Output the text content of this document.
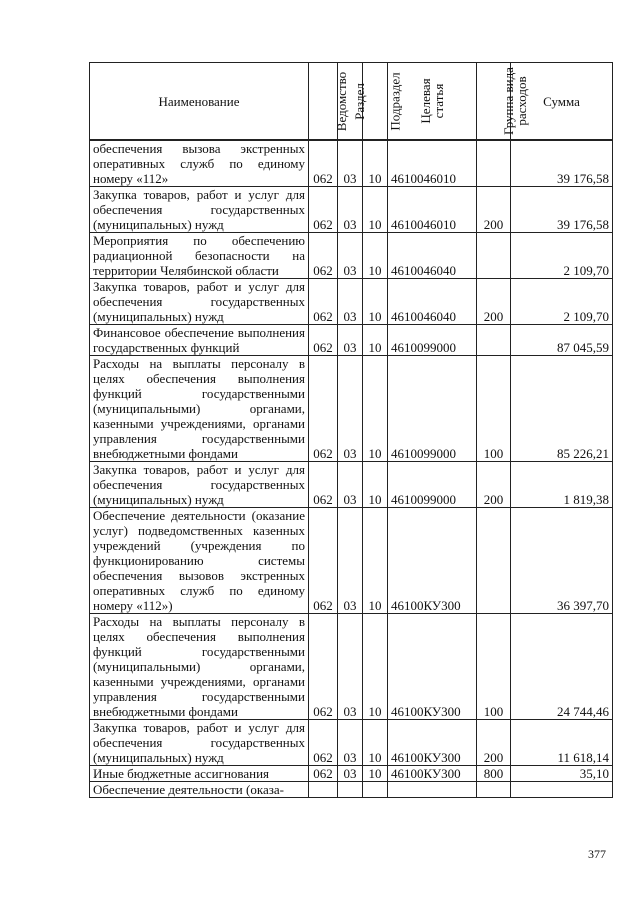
Наименование	Ведомство	Раздел	Подраздел	Целевая статья	Группа вида расходов	Сумма
обеспечения вызова экстренных оперативных служб по единому номеру «112»	062	03	10	4610046010		39 176,58
Закупка товаров, работ и услуг для обеспечения государственных (муниципальных) нужд	062	03	10	4610046010	200	39 176,58
Мероприятия по обеспечению радиационной безопасности на территории Челябинской области	062	03	10	4610046040		2 109,70
Закупка товаров, работ и услуг для обеспечения государственных (муниципальных) нужд	062	03	10	4610046040	200	2 109,70
Финансовое обеспечение выполнения государственных функций	062	03	10	4610099000		87 045,59
Расходы на выплаты персоналу в целях обеспечения выполнения функций государственными (муниципальными) органами, казенными учреждениями, органами управления государственными внебюджетными фондами	062	03	10	4610099000	100	85 226,21
Закупка товаров, работ и услуг для обеспечения государственных (муниципальных) нужд	062	03	10	4610099000	200	1 819,38
Обеспечение деятельности (оказание услуг) подведомственных казенных учреждений (учреждения по функционированию системы обеспечения вызовов экстренных оперативных служб по единому номеру «112»)	062	03	10	46100КУ300		36 397,70
Расходы на выплаты персоналу в целях обеспечения выполнения функций государственными (муниципальными) органами, казенными учреждениями, органами управления государственными внебюджетными фондами	062	03	10	46100КУ300	100	24 744,46
Закупка товаров, работ и услуг для обеспечения государственных (муниципальных) нужд	062	03	10	46100КУ300	200	11 618,14
Иные бюджетные ассигнования	062	03	10	46100КУ300	800	35,10
Обеспечение деятельности (оказа-						
377
